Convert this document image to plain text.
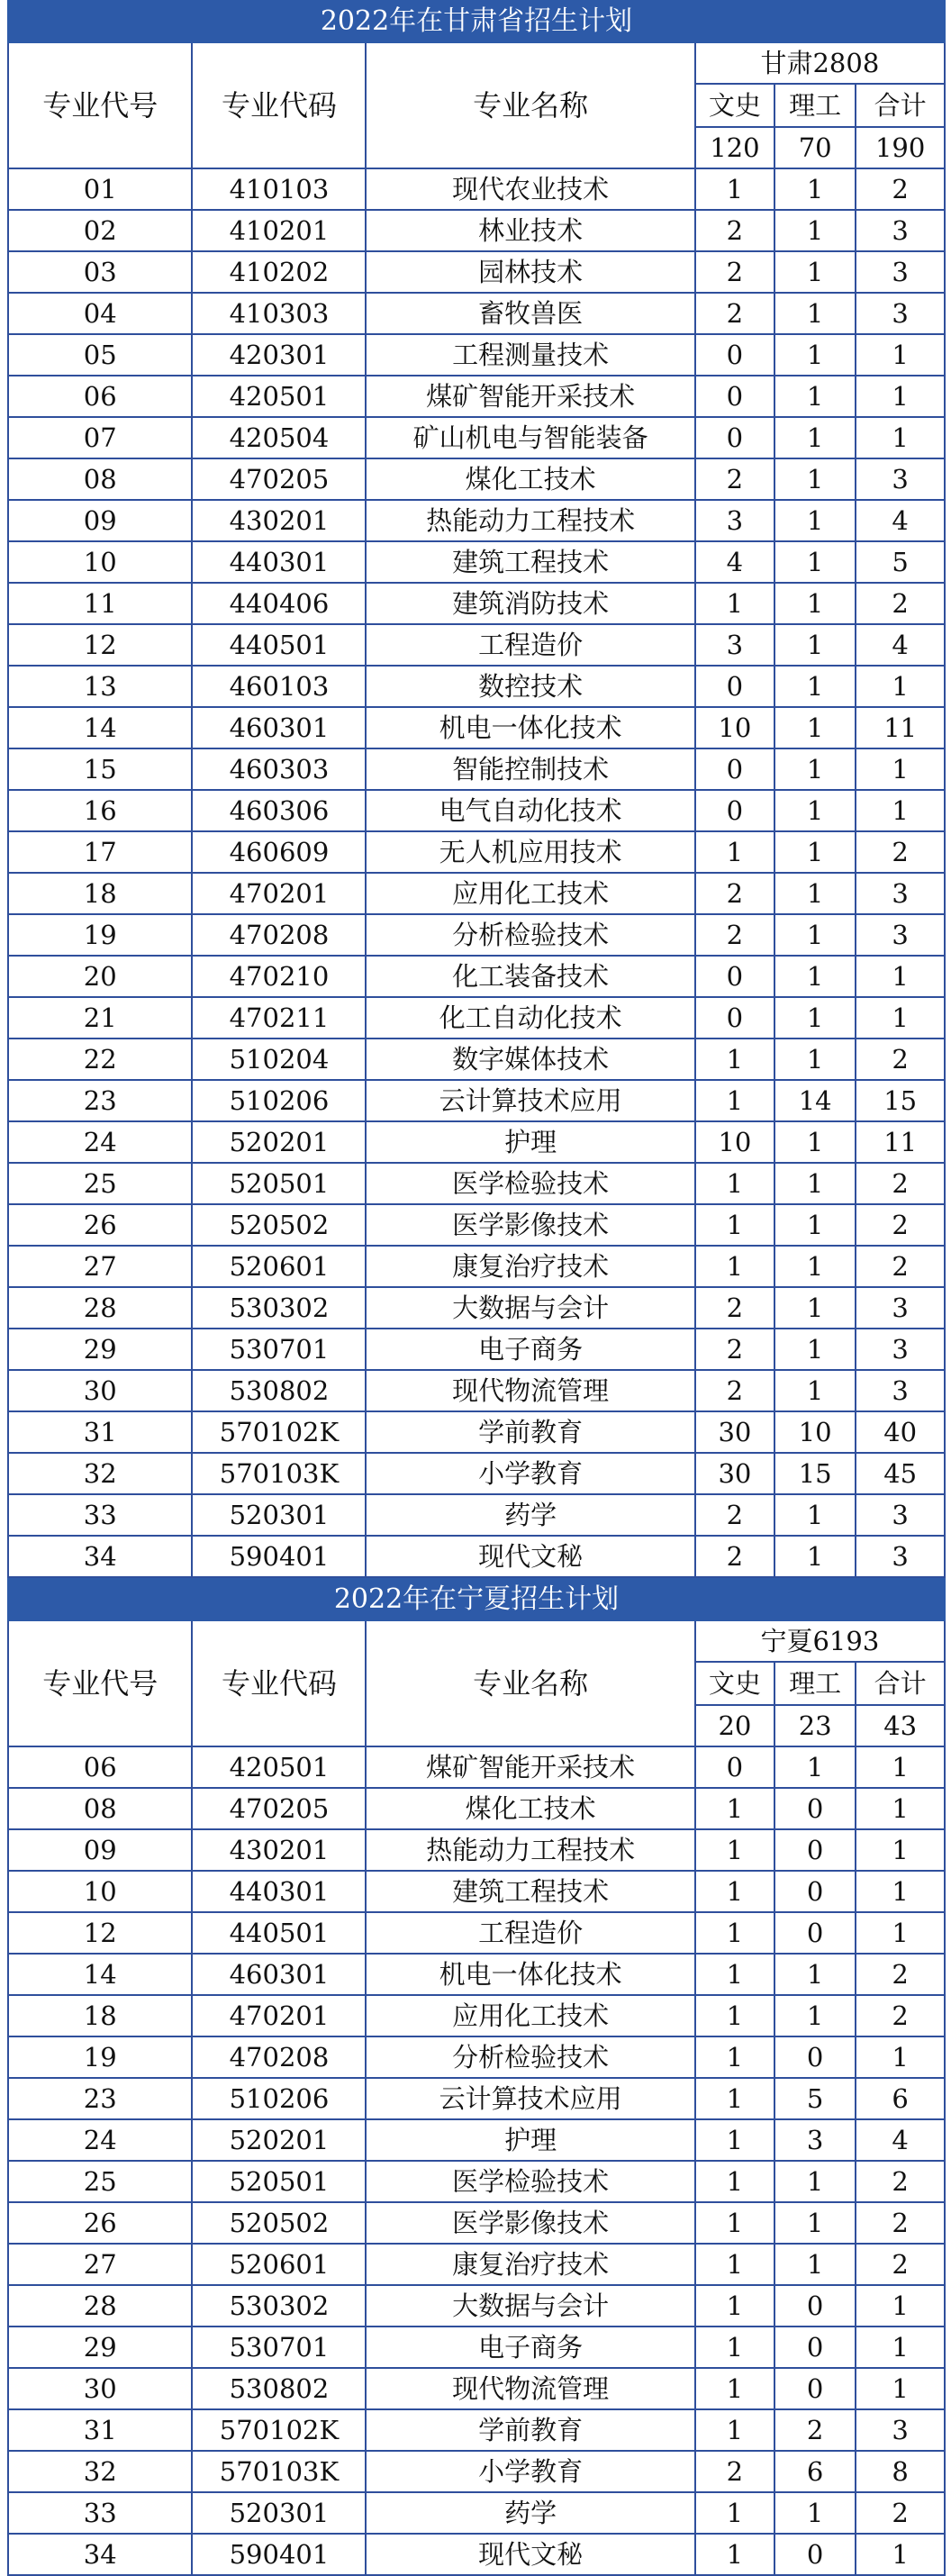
2022年在甘肃省招生计划					
专业代号	专业代码	专业名称	甘肃2808		
			文史	理工	合计
			120	70	190
01	410103	现代农业技术	1	1	2
02	410201	林业技术	2	1	3
03	410202	园林技术	2	1	3
04	410303	畜牧兽医	2	1	3
05	420301	工程测量技术	0	1	1
06	420501	煤矿智能开采技术	0	1	1
07	420504	矿山机电与智能装备	0	1	1
08	470205	煤化工技术	2	1	3
09	430201	热能动力工程技术	3	1	4
10	440301	建筑工程技术	4	1	5
11	440406	建筑消防技术	1	1	2
12	440501	工程造价	3	1	4
13	460103	数控技术	0	1	1
14	460301	机电一体化技术	10	1	11
15	460303	智能控制技术	0	1	1
16	460306	电气自动化技术	0	1	1
17	460609	无人机应用技术	1	1	2
18	470201	应用化工技术	2	1	3
19	470208	分析检验技术	2	1	3
20	470210	化工装备技术	0	1	1
21	470211	化工自动化技术	0	1	1
22	510204	数字媒体技术	1	1	2
23	510206	云计算技术应用	1	14	15
24	520201	护理	10	1	11
25	520501	医学检验技术	1	1	2
26	520502	医学影像技术	1	1	2
27	520601	康复治疗技术	1	1	2
28	530302	大数据与会计	2	1	3
29	530701	电子商务	2	1	3
30	530802	现代物流管理	2	1	3
31	570102K	学前教育	30	10	40
32	570103K	小学教育	30	15	45
33	520301	药学	2	1	3
34	590401	现代文秘	2	1	3
2022年在宁夏招生计划					
专业代号	专业代码	专业名称	宁夏6193		
			文史	理工	合计
			20	23	43
06	420501	煤矿智能开采技术	0	1	1
08	470205	煤化工技术	1	0	1
09	430201	热能动力工程技术	1	0	1
10	440301	建筑工程技术	1	0	1
12	440501	工程造价	1	0	1
14	460301	机电一体化技术	1	1	2
18	470201	应用化工技术	1	1	2
19	470208	分析检验技术	1	0	1
23	510206	云计算技术应用	1	5	6
24	520201	护理	1	3	4
25	520501	医学检验技术	1	1	2
26	520502	医学影像技术	1	1	2
27	520601	康复治疗技术	1	1	2
28	530302	大数据与会计	1	0	1
29	530701	电子商务	1	0	1
30	530802	现代物流管理	1	0	1
31	570102K	学前教育	1	2	3
32	570103K	小学教育	2	6	8
33	520301	药学	1	1	2
34	590401	现代文秘	1	0	1
